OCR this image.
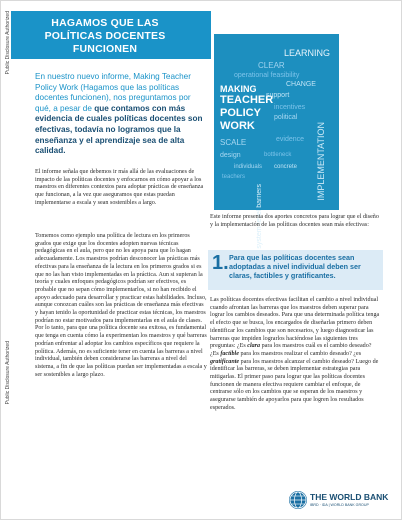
Public Disclosure Authorized
Public Disclosure Authorized
HAGAMOS QUE LAS POLÍTICAS DOCENTES FUNCIONEN	LEARNING
CLEAR
operational feasibility
MAKING
TEACHER
POLICY
WORK
SCALE
support
system-level barriers
IMPLEMENTATION
CHANGE
incentives
political
evidence
design	bottleneck
individuals concrete
teachers
En nuestro nuevo informe, Making Teacher Policy Work (Hagamos que las políticas docentes funcionen), nos preguntamos por qué, a pesar de que contamos con más evidencia de cuales políticas docentes son efectivas, todavía no logramos que la enseñanza y el aprendizaje sea de alta calidad.
El informe señala que debemos ir más allá de las evaluaciones de impacto de las políticas docentes y enfocarnos en cómo apoyar a los maestros en diferentes contextos para adoptar prácticas de enseñanza que funcionan, a la vez que aseguramos que estas puedan implementarse a escala y sean sostenibles a largo.
Tomemos como ejemplo una política de lectura en los primeros grados que exige que los docentes adopten nuevas técnicas pedagógicas en el aula, pero que no les apoya para que lo hagan adecuadamente. Los maestros podrían desconocer las prácticas más efectivas para la enseñanza de la lectura en los primeros grados si es que no las han visto implementadas en la práctica. Aun si supieran la teoría y cuales enfoques pedagógicos podrían ser efectivos, es probable que no sepan cómo implementarlos, si no han recibido el apoyo adecuado para desarrollar y practicar estas habilidades. Incluso, aunque conozcan cuáles son las prácticas de enseñanza más efectivas y hayan tenido la oportunidad de practicar estas técnicas, los maestros podrían no estar motivados para implementarlas en el aula de clases. Por lo tanto, para que una política docente sea exitosa, es fundamental que tenga en cuenta cómo la experimentan los maestros y qué barreras podrían enfrentar al adoptar los cambios específicos que requiere la política. Además, no es suficiente tener en cuenta las barreras a nivel individual, también deben considerarse las barreras a nivel del sistema, a fin de que las políticas puedan ser implementadas a escala y ser sostenibles a largo plazo.
Este informe presenta dos aportes concretos para lograr que el diseño y la implementación de las políticas docentes sean más efectivas:
1. Para que las políticas docentes sean adoptadas a nivel individual deben ser claras, factibles y gratificantes.
Las políticas docentes efectivas facilitan el cambio a nivel individual cuando afrontan las barreras que los maestros deben superar para lograr los cambios deseados. Para que una determinada política tenga el efecto que se busca, los encargados de diseñarlas primero deben identificar los cambios que son necesarios, y luego diagnosticar las barreras que impiden lograrlos haciéndose las siguientes tres preguntas: ¿Es clara para los maestros cuál es el cambio deseado? ¿Es factible para los maestros realizar el cambio deseado? ¿es gratificante para los maestros alcanzar el cambio deseado? Luego de identificar las barreras, se deben implementar estrategias para mitigarlas. El primer paso para lograr que las políticas docentes funcionen de manera efectiva requiere cambiar el enfoque, de centrarse sólo en los cambios que se esperan de los maestros y asegurarse también de apoyarlos para que logren los resultados esperados.
THE WORLD BANK
IBRD · IDA | WORLD BANK GROUP
